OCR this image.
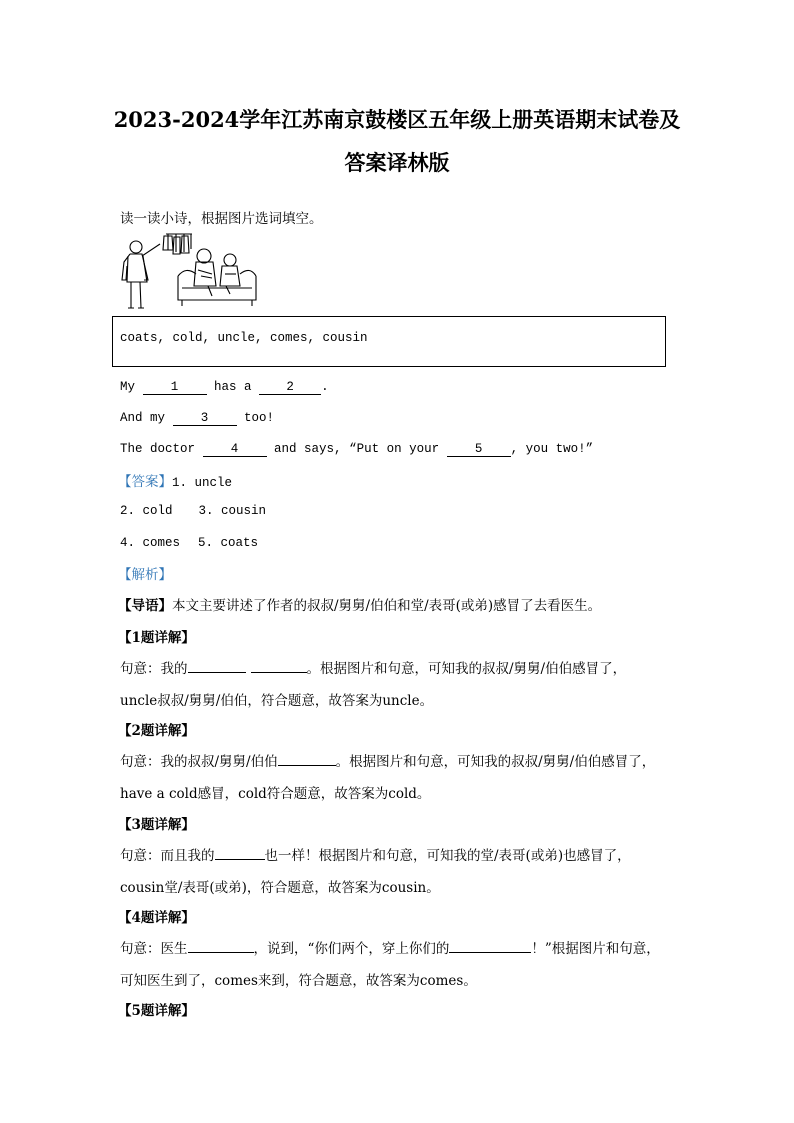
2023-2024学年江苏南京鼓楼区五年级上册英语期末试卷及
答案译林版
读一读小诗，根据图片选词填空。
coats, cold, uncle, comes, cousin
My	1	has a	2 .
And my	3	too!
The doctor	4	and says, “Put on your	5 , you two!”
【答案】1. uncle
2. cold 3. cousin
4. comes 5. coats
【解析】
【导语】本文主要讲述了作者的叔叔/舅舅/伯伯和堂/表哥(或弟)感冒了去看医生。
【1题详解】
句意：我的	。根据图片和句意，可知我的叔叔/舅舅/伯伯感冒了，
uncle叔叔/舅舅/伯伯，符合题意，故答案为uncle。
【2题详解】
句意：我的叔叔/舅舅/伯伯	。根据图片和句意，可知我的叔叔/舅舅/伯伯感冒了，
have a cold感冒，cold符合题意，故答案为cold。
【3题详解】
句意：而且我的	也一样！根据图片和句意，可知我的堂/表哥(或弟)也感冒了，
cousin堂/表哥(或弟)，符合题意，故答案为cousin。
【4题详解】
句意：医生	，说到，“你们两个，穿上你们的	！”根据图片和句意，
可知医生到了，comes来到，符合题意，故答案为comes。
【5题详解】
